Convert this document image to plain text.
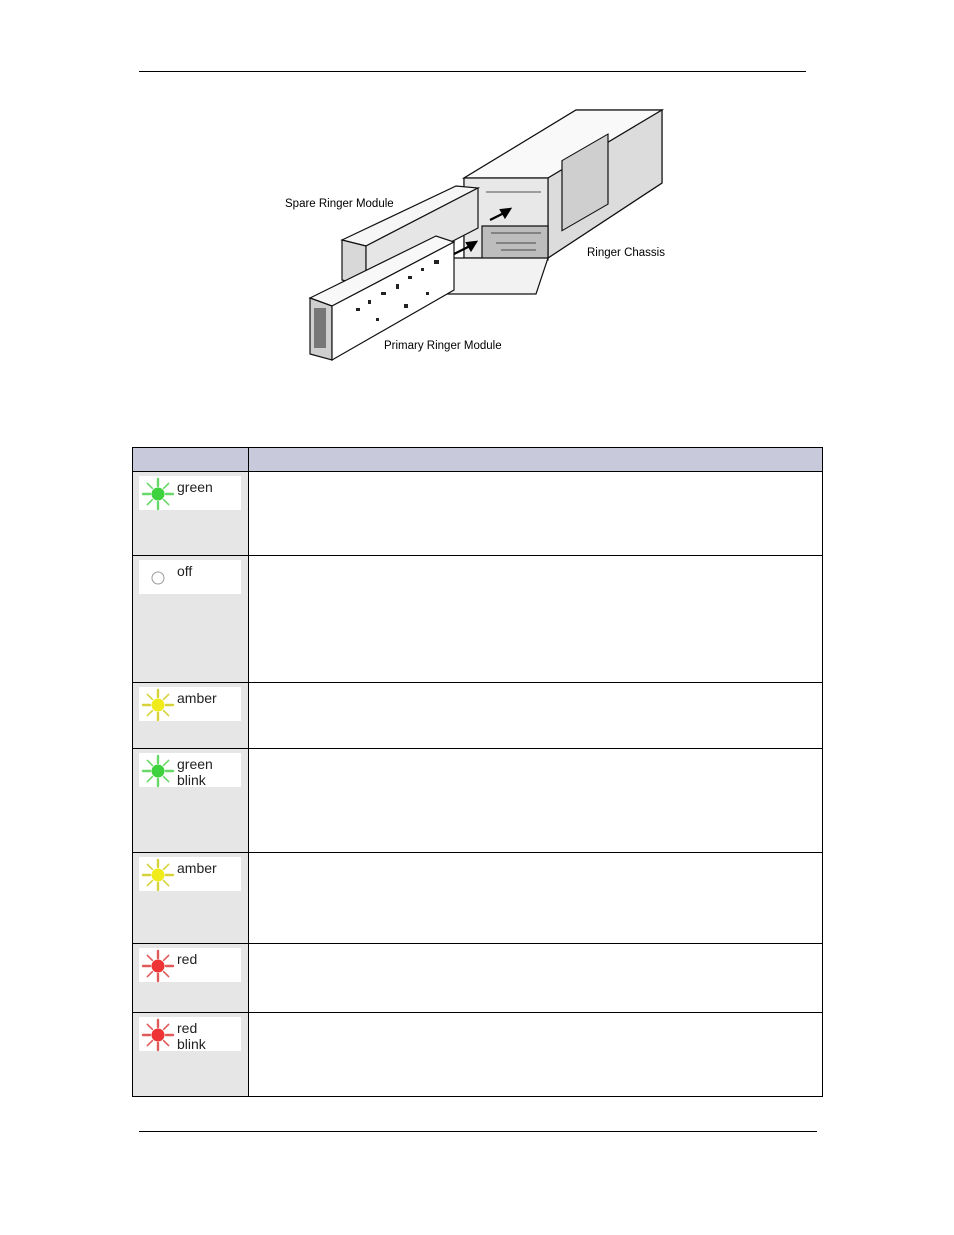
Spare Ringer Module
Ringer Chassis
Primary Ringer Module

green	

off	

amber	

green
blink	

amber	

red	

red
blink	
